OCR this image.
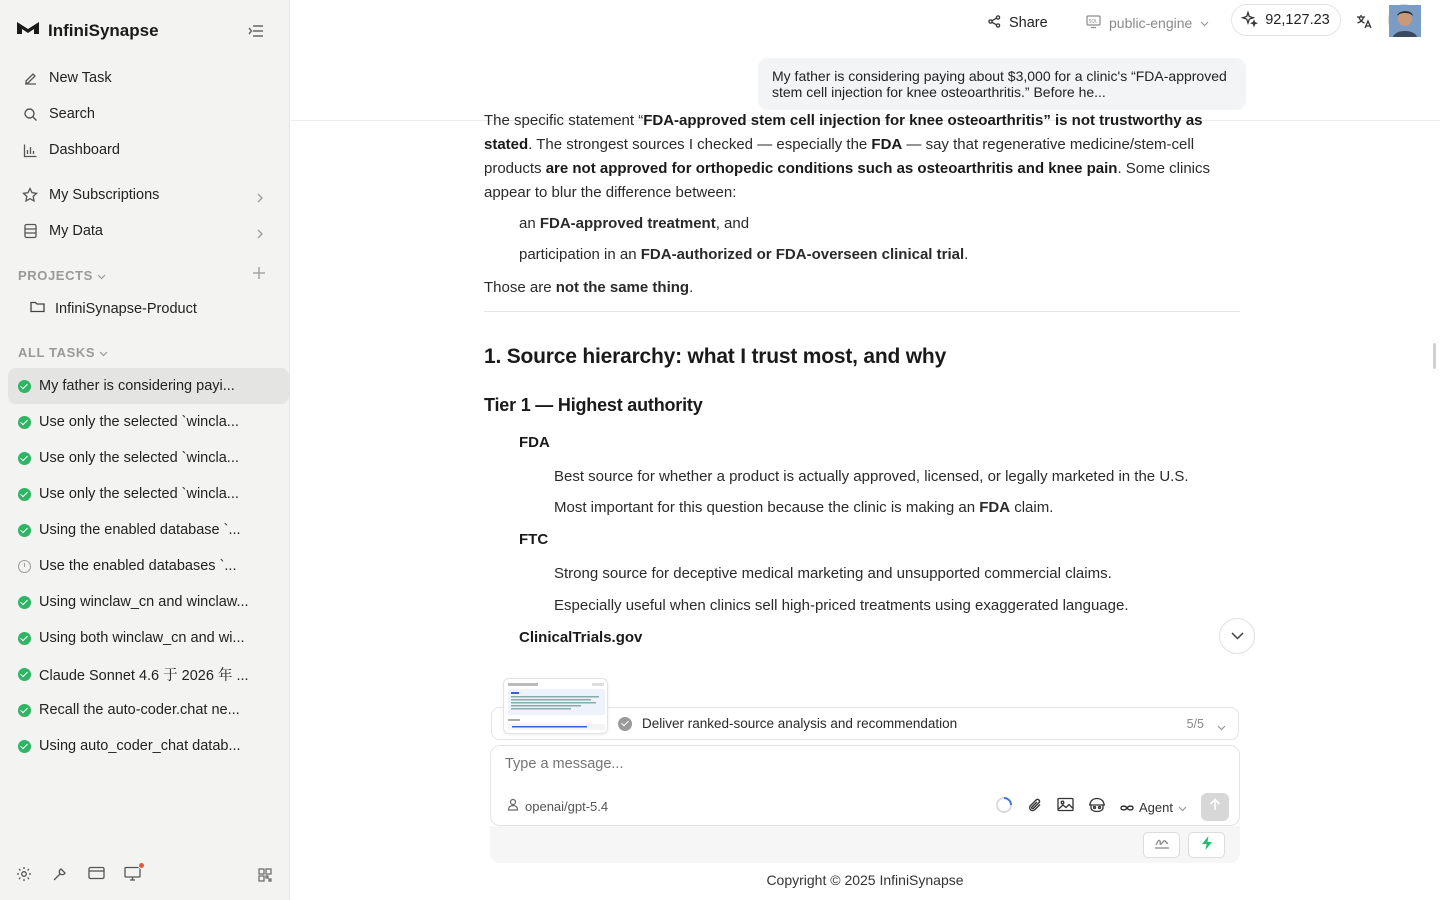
InfiniSynapse
New Task
Search
Dashboard
My Subscriptions
My Data
PROJECTS
InfiniSynapse-Product
ALL TASKS
My father is considering payi...
Use only the selected `wincla...
Use only the selected `wincla...
Use only the selected `wincla...
Using the enabled database `...
Use the enabled databases `...
Using winclaw_cn and winclaw...
Using both winclaw_cn and wi...
Claude Sonnet 4.6 于 2026 年 ...
Recall the auto-coder.chat ne...
Using auto_coder_chat datab...
Share	SQL public-engine	92,127.23
My father is considering paying about $3,000 for a clinic's “FDA-approved stem cell injection for knee osteoarthritis.” Before he...

The specific statement “FDA-approved stem cell injection for knee osteoarthritis” is not trustworthy as stated. The strongest sources I checked — especially the FDA — say that regenerative medicine/stem-cell products are not approved for orthopedic conditions such as osteoarthritis and knee pain. Some clinics appear to blur the difference between:

an FDA-approved treatment, and
participation in an FDA-authorized or FDA-overseen clinical trial.
Those are not the same thing.
1. Source hierarchy: what I trust most, and why
Tier 1 — Highest authority
FDA
Best source for whether a product is actually approved, licensed, or legally marketed in the U.S.
Most important for this question because the clinic is making an FDA claim.
FTC
Strong source for deceptive medical marketing and unsupported commercial claims.
Especially useful when clinics sell high-priced treatments using exaggerated language.
ClinicalTrials.gov
Deliver ranked-source analysis and recommendation	5/5
Type a message...
openai/gpt-5.4	Agent
Copyright © 2025 InfiniSynapse
